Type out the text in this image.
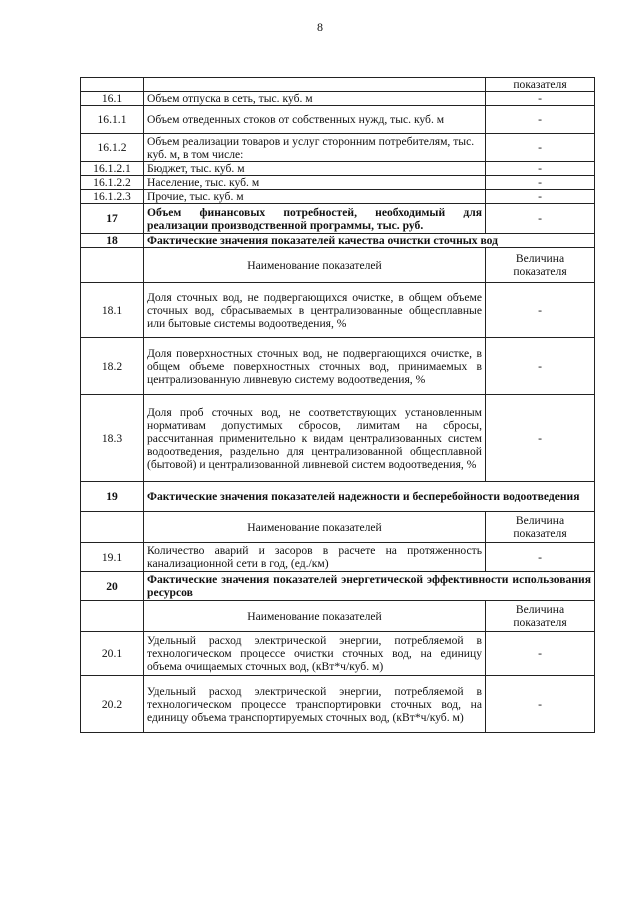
8
		показателя
16.1	Объем отпуска в сеть, тыс. куб. м	-
16.1.1	Объем отведенных стоков от собственных нужд, тыс. куб. м	-
16.1.2	Объем реализации товаров и услуг сторонним потребителям, тыс. куб. м, в том числе:	-
16.1.2.1	Бюджет, тыс. куб. м	-
16.1.2.2	Население, тыс. куб. м	-
16.1.2.3	Прочие, тыс. куб. м	-
17	Объем финансовых потребностей, необходимый для реализации производственной программы, тыс. руб.	-
18	Фактические значения показателей качества очистки сточных вод	
	Наименование показателей	Величина показателя
18.1	Доля сточных вод, не подвергающихся очистке, в общем объеме сточных вод, сбрасываемых в централизованные общесплавные или бытовые системы водоотведения, %	-
18.2	Доля поверхностных сточных вод, не подвергающихся очистке, в общем объеме поверхностных сточных вод, принимаемых в централизованную ливневую систему водоотведения, %	-
18.3	Доля проб сточных вод, не соответствующих установленным нормативам допустимых сбросов, лимитам на сбросы, рассчитанная применительно к видам централизованных систем водоотведения, раздельно для централизованной общесплавной (бытовой) и централизованной ливневой систем водоотведения, %	-
19	Фактические значения показателей надежности и бесперебойности водоотведения	
	Наименование показателей	Величина показателя
19.1	Количество аварий и засоров в расчете на протяженность канализационной сети в год, (ед./км)	-
20	Фактические значения показателей энергетической эффективности использования ресурсов	
	Наименование показателей	Величина показателя
20.1	Удельный расход электрической энергии, потребляемой в технологическом процессе очистки сточных вод, на единицу объема очищаемых сточных вод, (кВт*ч/куб. м)	-
20.2	Удельный расход электрической энергии, потребляемой в технологическом процессе транспортировки сточных вод, на единицу объема транспортируемых сточных вод, (кВт*ч/куб. м)	-
